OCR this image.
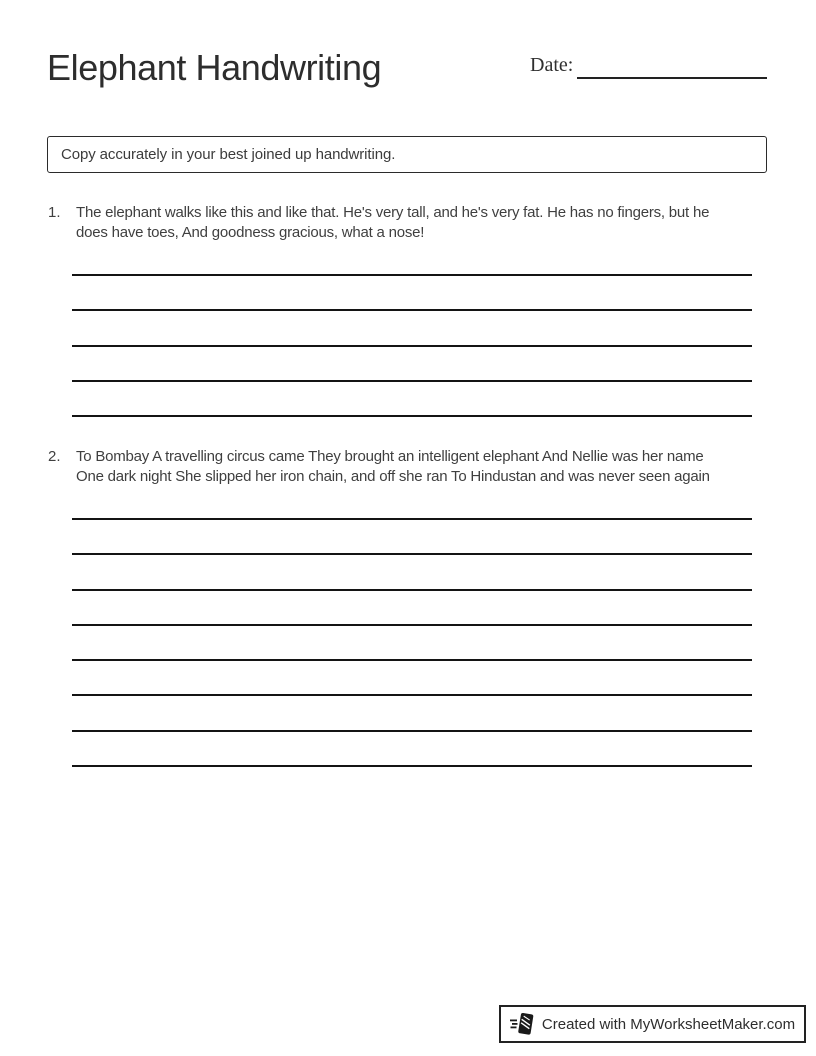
Elephant Handwriting	Date:
Copy accurately in your best joined up handwriting.
1.	The elephant walks like this and like that. He's very tall, and he's very fat. He has no fingers, but he
does have toes, And goodness gracious, what a nose!
2.	To Bombay A travelling circus came They brought an intelligent elephant And Nellie was her name
One dark night She slipped her iron chain, and off she ran To Hindustan and was never seen again
Created with MyWorksheetMaker.com
